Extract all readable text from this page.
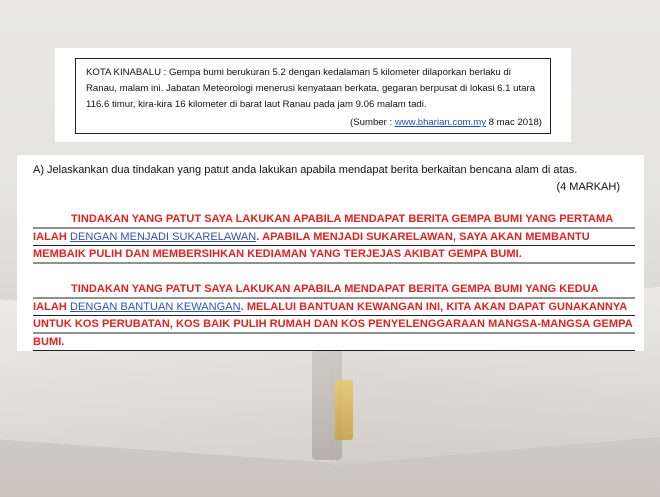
KOTA KINABALU : Gempa bumi berukuran 5.2 dengan kedalaman 5 kilometer dilaporkan berlaku di Ranau, malam ini. Jabatan Meteorologi menerusi kenyataan berkata, gegaran berpusat di lokasi 6.1 utara 116.6 timur, kira-kira 16 kilometer di barat laut Ranau pada jam 9.06 malam tadi.
(Sumber : www.bharian.com.my 8 mac 2018)
A) Jelaskankan dua tindakan yang patut anda lakukan apabila mendapat berita berkaitan bencana alam di atas.
(4 MARKAH)
TINDAKAN YANG PATUT SAYA LAKUKAN APABILA MENDAPAT BERITA GEMPA BUMI YANG PERTAMA IALAH DENGAN MENJADI SUKARELAWAN. APABILA MENJADI SUKARELAWAN, SAYA AKAN MEMBANTU MEMBAIK PULIH DAN MEMBERSIHKAN KEDIAMAN YANG TERJEJAS AKIBAT GEMPA BUMI.
TINDAKAN YANG PATUT SAYA LAKUKAN APABILA MENDAPAT BERITA GEMPA BUMI YANG KEDUA IALAH DENGAN BANTUAN KEWANGAN. MELALUI BANTUAN KEWANGAN INI, KITA AKAN DAPAT GUNAKANNYA UNTUK KOS PERUBATAN, KOS BAIK PULIH RUMAH DAN KOS PENYELENGGARAAN MANGSA-MANGSA GEMPA BUMI.
